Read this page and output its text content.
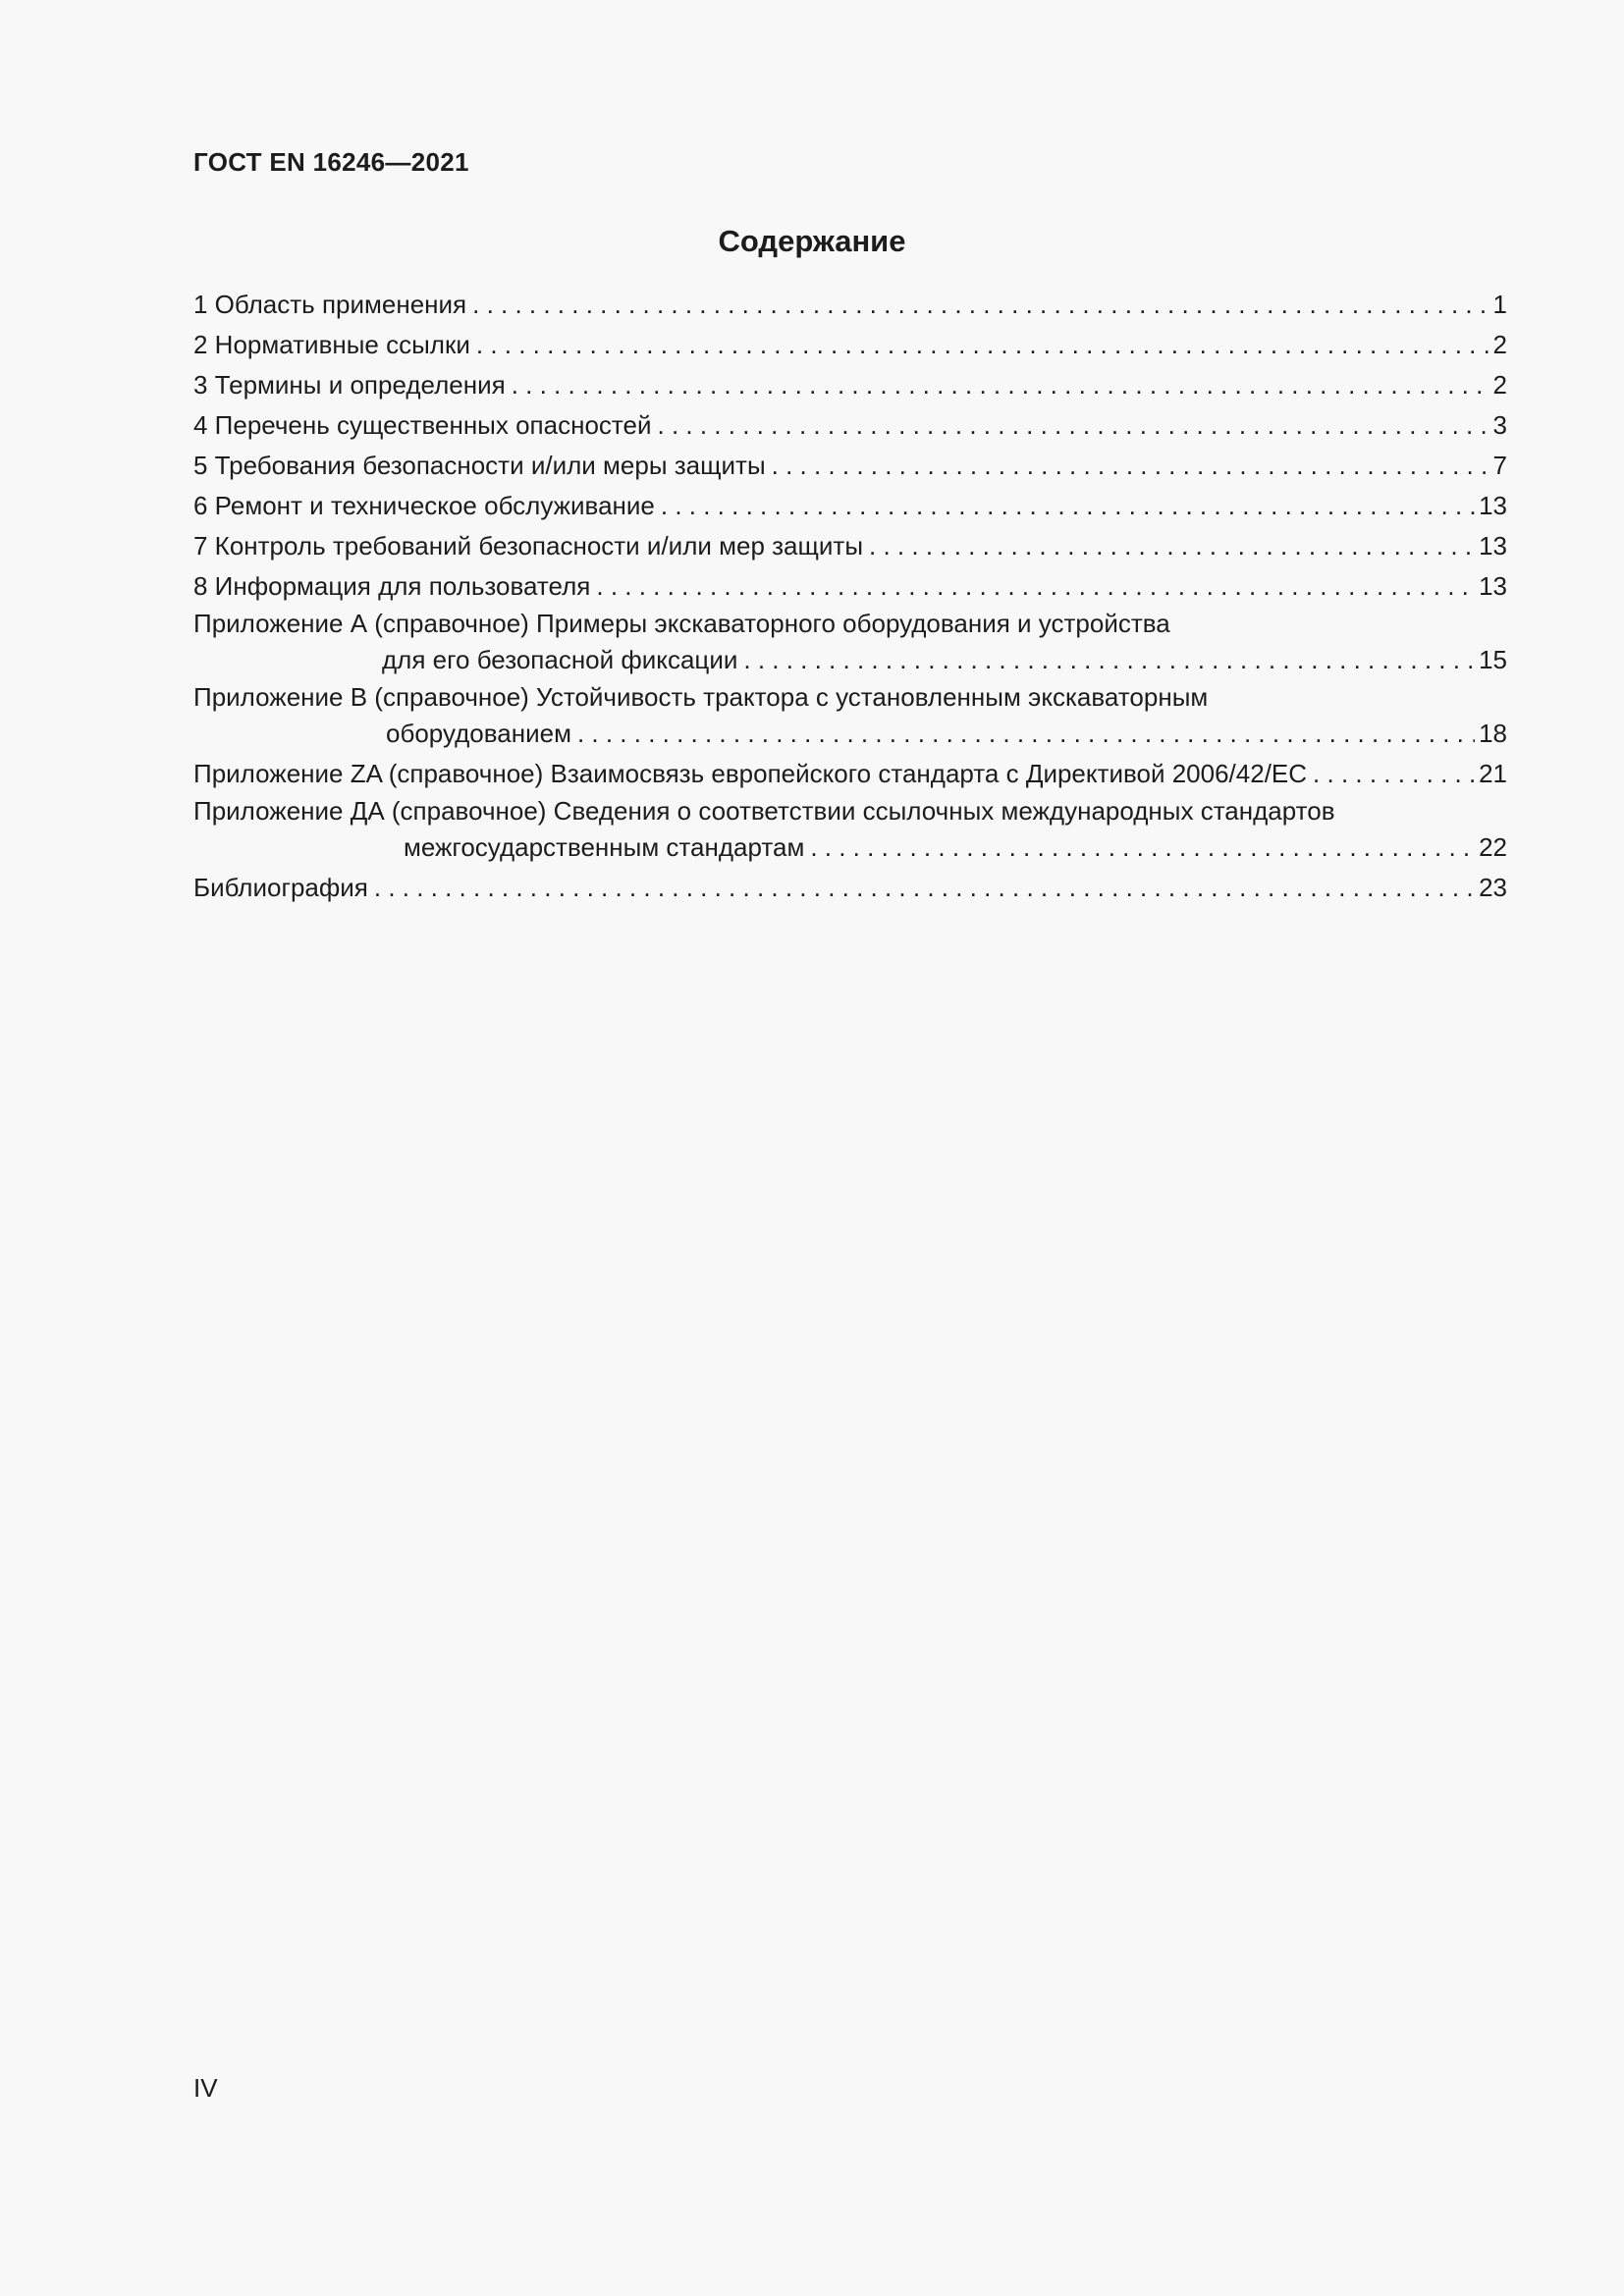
ГОСТ EN 16246—2021
Содержание
1 Область применения . . .	1
2 Нормативные ссылки . . .	2
3 Термины и определения . . .	2
4 Перечень существенных опасностей . . .	3
5 Требования безопасности и/или меры защиты . . .	7
6 Ремонт и техническое обслуживание . . .	13
7 Контроль требований безопасности и/или мер защиты . . .	13
8 Информация для пользователя . . .	13
Приложение А (справочное) Примеры экскаваторного оборудования и устройства
для его безопасной фиксации . . .	15
Приложение В (справочное) Устойчивость трактора с установленным экскаваторным
оборудованием . . .	18
Приложение ZA (справочное) Взаимосвязь европейского стандарта с Директивой 2006/42/EC . . .	21
Приложение ДА (справочное) Сведения о соответствии ссылочных международных стандартов
межгосударственным стандартам . . .	22
Библиография . . .	23
IV
